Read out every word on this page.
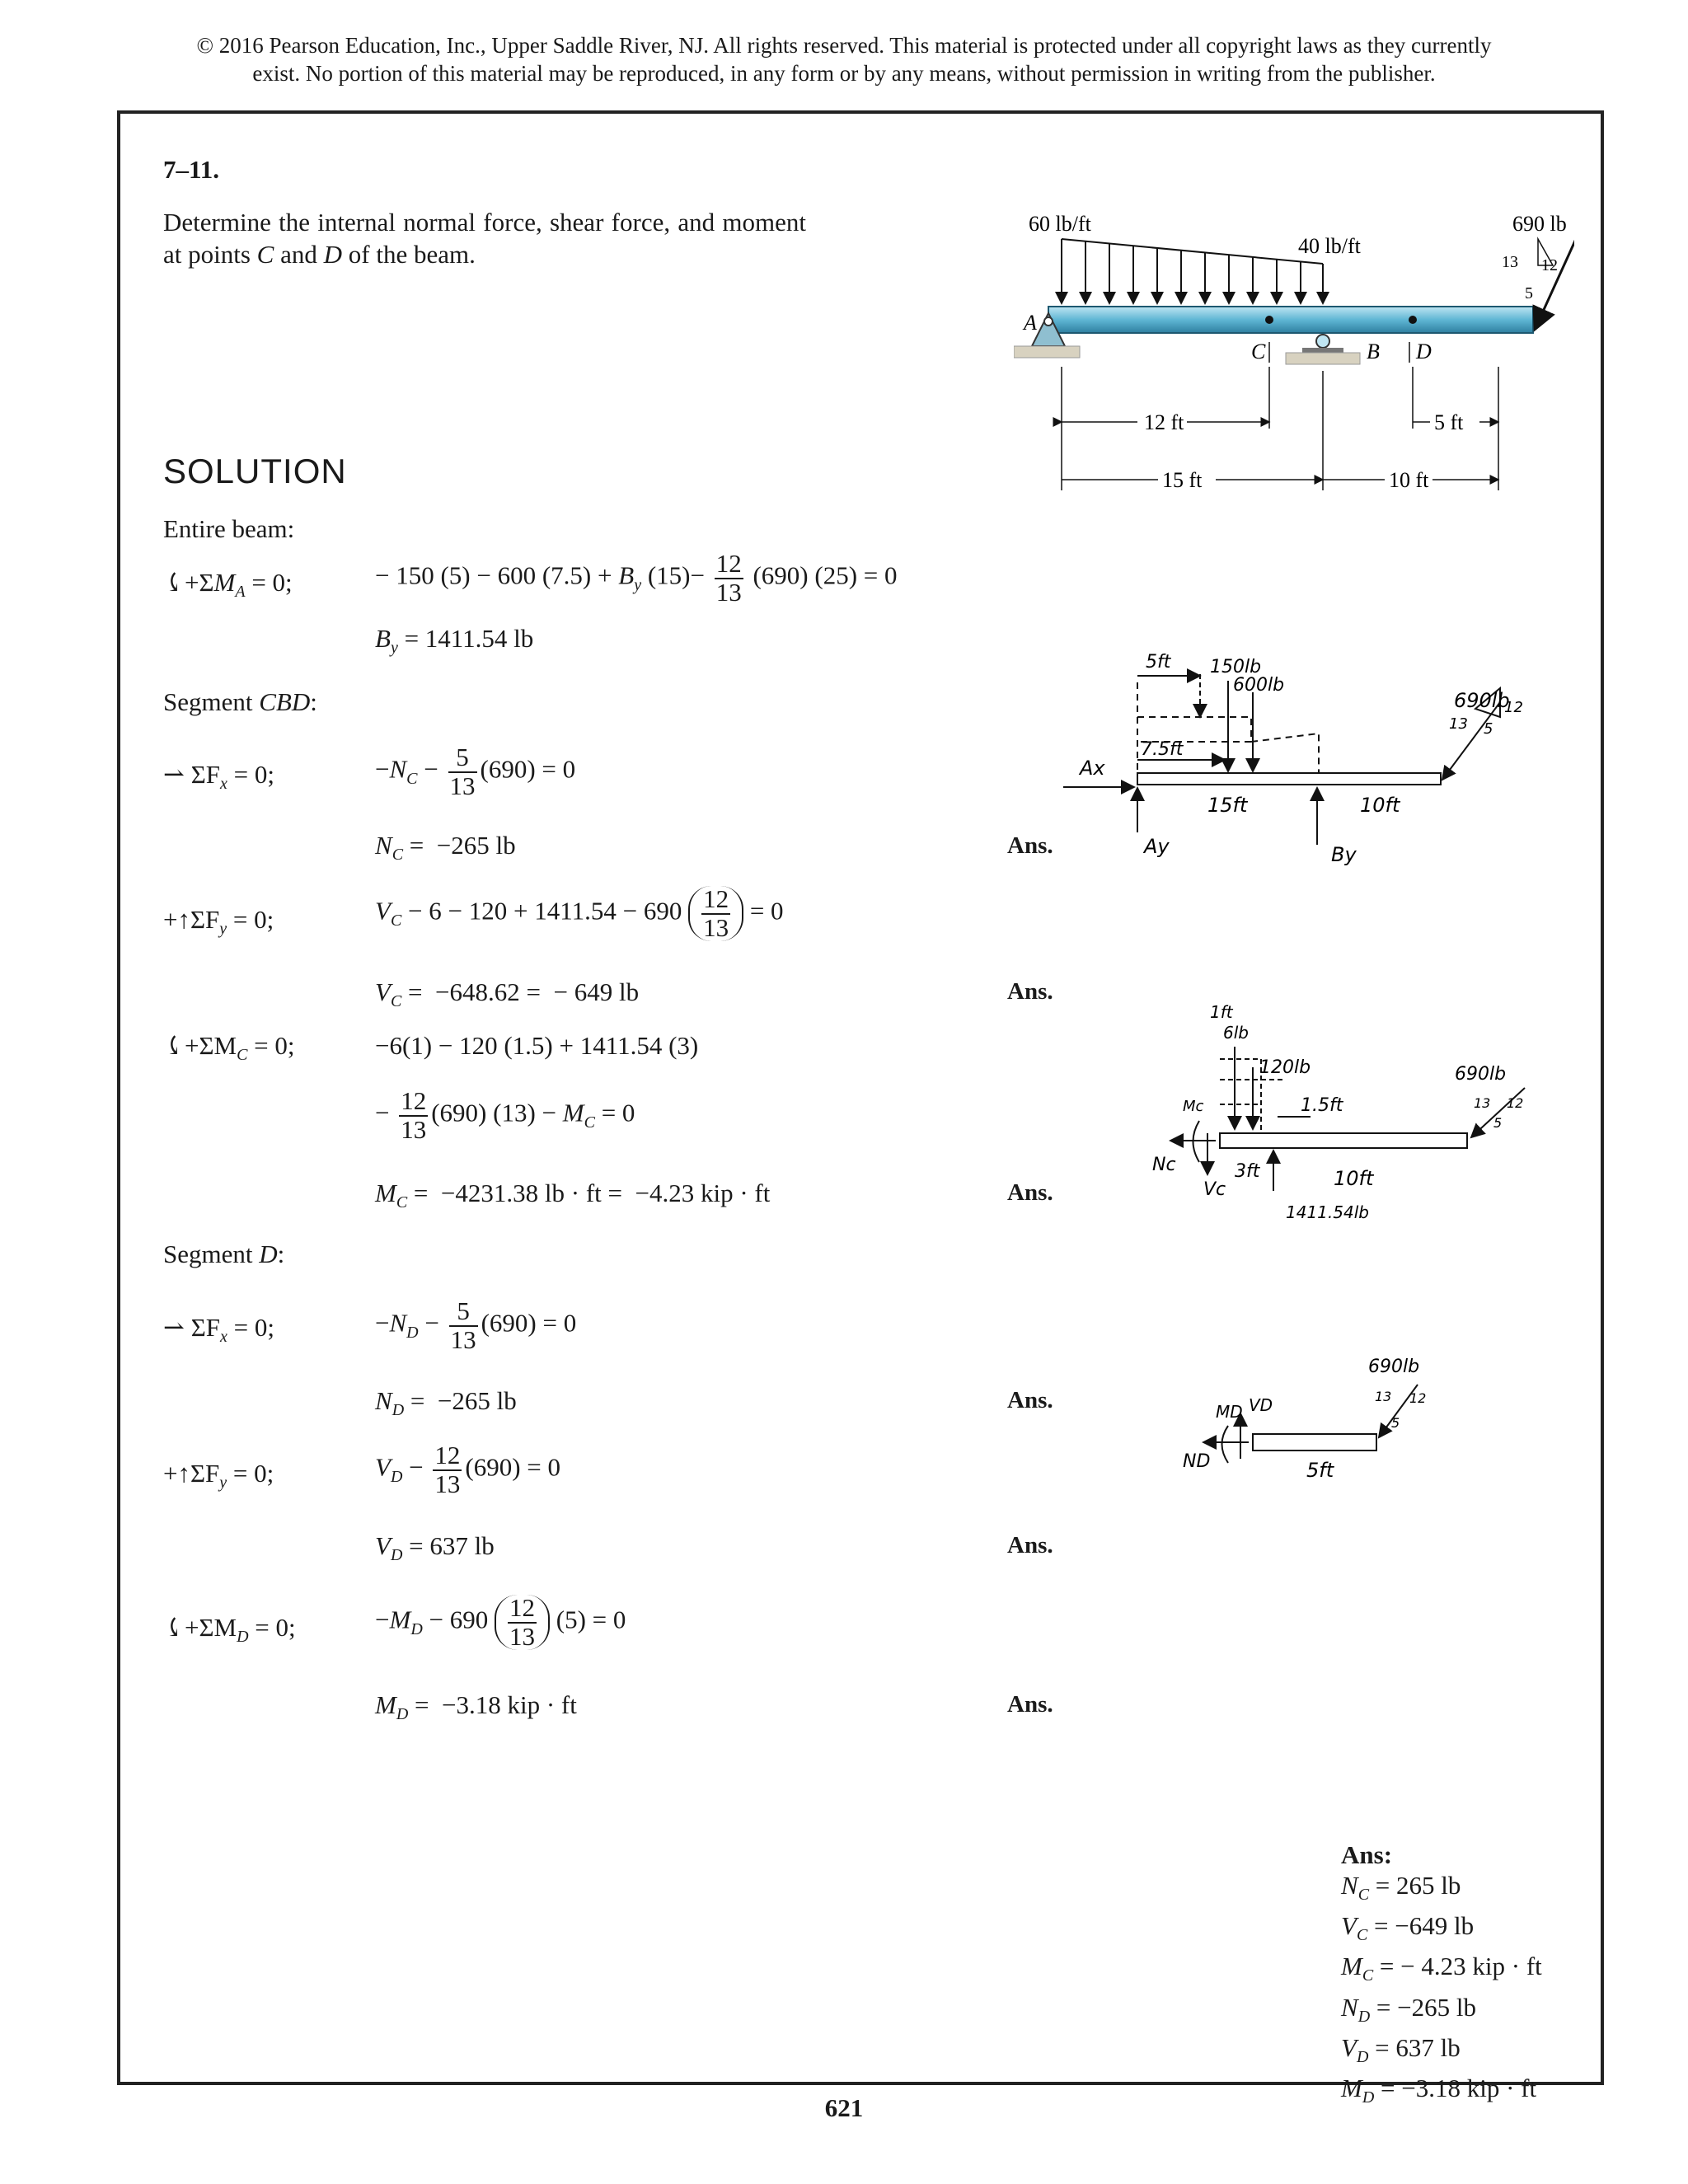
© 2016 Pearson Education, Inc., Upper Saddle River, NJ. All rights reserved. This material is protected under all copyright laws as they currently
exist. No portion of this material may be reproduced, in any form or by any means, without permission in writing from the publisher.
7–11.
Determine the internal normal force, shear force, and moment at points C and D of the beam.
60 lb/ft
40 lb/ft
690 lb
A
C	B D
13 12
5
12 ft	5 ft
15 ft	10 ft
SOLUTION
Entire beam:
$⤹+\Sigma M_A = 0$;	− 150 (5) − 600 $(7.5) + B_y$ $(15)- \frac{12}{13} (690) (25) = 0$
$B_y = 1411.54$ lb
Segment CBD:
⇀ $\Sigma F_x = 0$;	$-N_C - \frac{5}{13} (690) = 0$
$N_C = -265$ lb	Ans.
$+↑\Sigma F_y = 0$;	$V_C - 6 - 120 + 1411.54 - 690 \frac{12}{13} = 0$
$V_C = -648.62$ =  − 649 lb	Ans.
$⤹+\Sigma M_C = 0$;	−6(1) − 120 (1.5) + 1411.54 (3)
− $\frac{12}{13} (690) (13) - M_C = 0$
$M_C = -4231.38$ lb · ft =  −4.23 kip · ft	Ans.
Segment D:
⇀ $\Sigma F_x = 0$;	$-N_D - \frac{5}{13} (690) = 0$
$N_D = -265$ lb	Ans.
$+↑\Sigma F_y = 0$;	$V_D - \frac{12}{13} (690) = 0$
$V_D = 637$ lb	Ans.
$⤹+\Sigma M_D = 0$;	$-M_D - 690 \frac{12}{13} (5) = 0$
$M_D = -3.18$ kip · ft	Ans.
5ft 150lb
600lb
7.5ft
15ft	10ft
Ax
Ay	By
690lb
13
12
5
1ft
6lb
120lb
1.5ft
690lb
Mc
Nc
Vc
3ft	10ft
1411.54lb
13 12
5
690lb
MD VD
ND	5ft
13 12
5
Ans:
$N_C = 265$ lb
$V_C = -649$ lb
$M_C$ = − 4.23 kip · ft
$N_D = -265$ lb
$V_D = 637$ lb
$M_D = -3.18$ kip · ft
621
